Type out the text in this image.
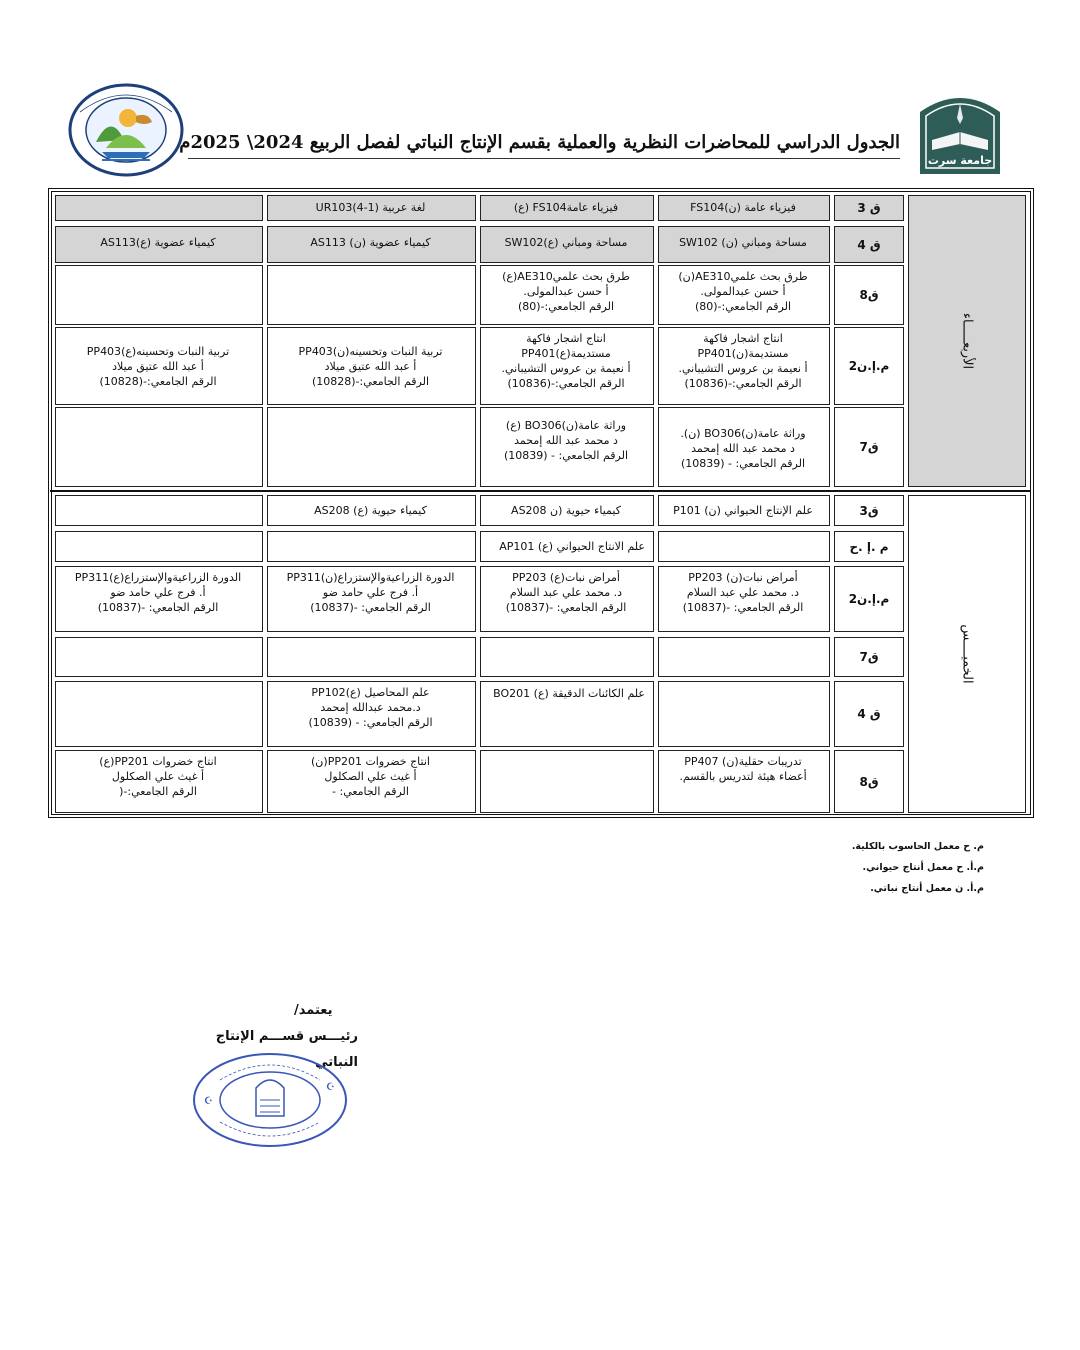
جامعة سرت
الجدول الدراسي للمحاضرات النظرية والعملية بقسم الإنتاج النباتي لفصل الربيع 2024\ 2025م
الأربعـــــاء
ق 3
فيزياء عامة (ن)FS104
فيزياء عامةFS104 (ع)
لغة عربية UR103(4-1)
ق 4
مساحة ومباني (ن) SW102
مساحة ومباني (ع)SW102
كيمياء عضوية (ن) AS113
كيمياء عضوية (ع)AS113
ق8
طرق بحث علميAE310(ن)
أ حسن عبدالمولى.
الرقم الجامعي:-(80)
طرق بحث علميAE310(ع)
أ حسن عبدالمولى.
الرقم الجامعي:-(80)
م.إ.ن2
انتاج اشجار فاكهة
مستديمة(ن)PP401
أ نعيمة بن عروس التشيباني.
الرقم الجامعي:-(10836)
انتاج اشجار فاكهة
مستديمة(ع)PP401
أ نعيمة بن عروس التشيباني.
الرقم الجامعي:-(10836)
تربية النبات وتحسينه(ن)PP403
أ عبد الله عتيق ميلاد
الرقم الجامعي:-(10828)
تربية النبات وتحسينه(ع)PP403
أ عبد الله عتيق ميلاد
الرقم الجامعي:-(10828)
ق7
وراثة عامة(ن)BO306 (ن).
د محمد عبد الله إمحمد
الرقم الجامعي: - (10839)
وراثة عامة(ن)BO306 (ع)
د محمد عبد الله إمحمد
الرقم الجامعي: - (10839)
الخميــــس
ق3
علم الإنتاج الحيواني (ن) P101
كيمياء حيوية (ن AS208
كيمياء حيوية (ع) AS208
م .إ .ح
علم الانتاج الحيواني (ع) AP101
م.إ.ن2
أمراض نبات(ن) PP203
د. محمد علي عبد السلام
الرقم الجامعي: -(10837)
أمراض نبات(ع) PP203
د. محمد علي عبد السلام
الرقم الجامعي: -(10837)
الدورة الزراعيةوالإستزراع(ن)PP311
أ. فرج علي حامد ضو
الرقم الجامعي: -(10837)
الدورة الزراعيةوالإستزراع(ع)PP311
أ. فرج علي حامد ضو
الرقم الجامعي: -(10837)
ق7
ق 4
علم الكائنات الدقيقة (ع) BO201
علم المحاصيل (ع)PP102
د.محمد عبدالله إمحمد
الرقم الجامعي: - (10839)
ق8
تدريبات حقلية(ن) PP407
أعضاء هيئة لتدريس بالقسم.
انتاج خضروات PP201(ن)
أ غيث علي الصكلول
الرقم الجامعي: -
انتاج خضروات PP201(ع)
أ غيث علي الصكلول
الرقم الجامعي:-(
م. ح معمل الحاسوب بالكلية.
م.أ. ح معمل أنتاج حيواني.
م.أ. ن معمل أنتاج نباتي.
يعتمد/
رئيـــس قســـم الإنتاج النباتي
☪
☪
